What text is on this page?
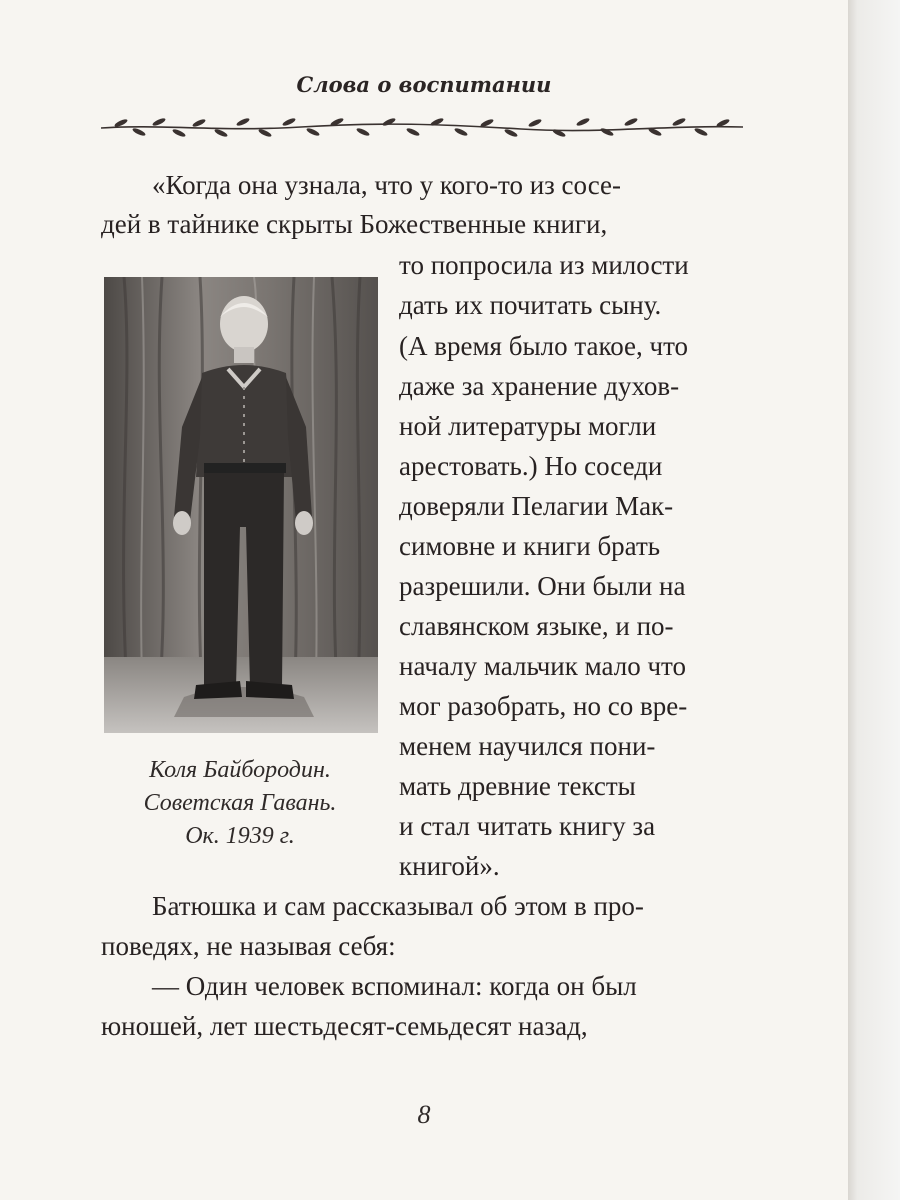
Слова о воспитании
«Когда она узнала, что у кого-то из сосе-
дей в тайнике скрыты Божественные книги,
то попросила из милости
дать их почитать сыну.
(А время было такое, что
даже за хранение духов-
ной литературы могли
арестовать.) Но соседи
доверяли Пелагии Мак-
симовне и книги брать
разрешили. Они были на
славянском языке, и по-
началу мальчик мало что
мог разобрать, но со вре-
менем научился пони-
мать древние тексты
и стал читать книгу за
книгой».
Батюшка и сам рассказывал об этом в про-
поведях, не называя себя:
— Один человек вспоминал: когда он был
юношей, лет шестьдесят-семьдесят назад,
Коля Байбородин.
Советская Гавань.
Ок. 1939 г.
8
